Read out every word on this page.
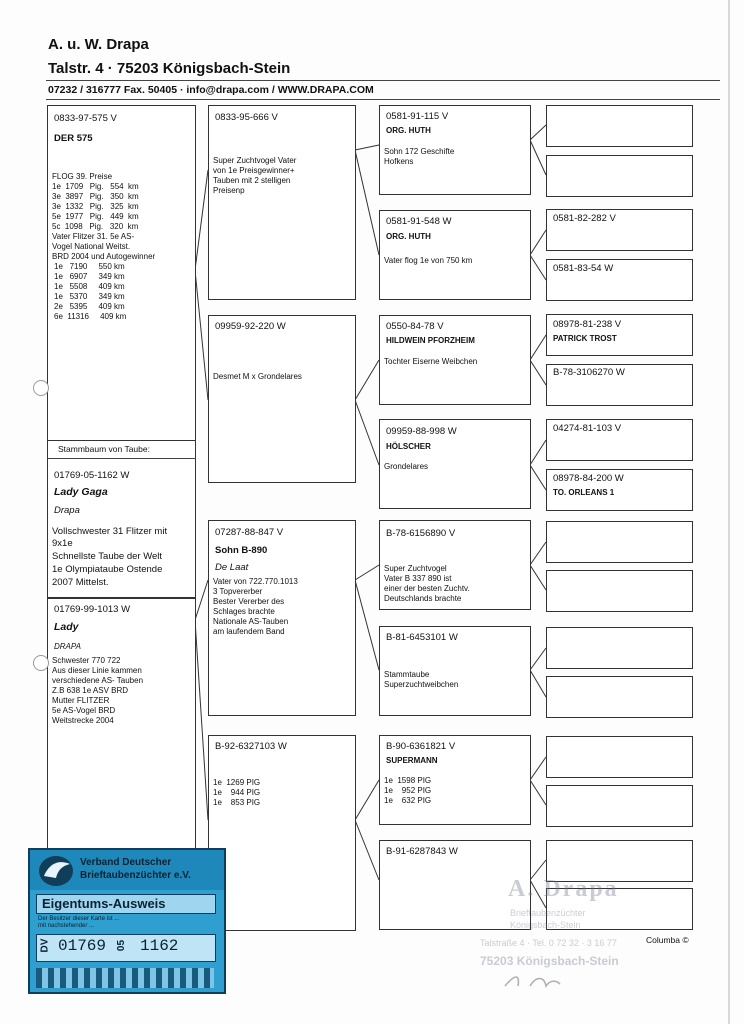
A. u. W. Drapa
Talstr. 4 · 75203 Königsbach-Stein
07232 / 316777 Fax. 50405 · info@drapa.com / WWW.DRAPA.COM
0833-97-575 V
DER 575
FLOG 39. Preise
1e  1709   Pig.   554  km
3e  3897   Pig.   350  km
3e  1332   Pig.   325  km
5e  1977   Pig.   449  km
5c  1098   Pig.   320  km
Vater Flitzer 31. 5e AS-
Vogel National Weitst.
BRD 2004 und Autogewinner
1e   7190     550 km
1e   6907     349 km
1e   5508     409 km
1e   5370     349 km
2e   5395     409 km
6e  11316     409 km
Stammbaum von Taube:
01769-05-1162 W
Lady Gaga
Drapa
Vollschwester 31 Flitzer mit
9x1e
Schnellste Taube der Welt
1e Olympiataube Ostende
2007 Mittelst.
01769-99-1013 W
Lady
DRAPA
Schwester 770 722
Aus dieser Linie kammen
verschiedene AS- Tauben
Z.B 638 1e ASV BRD
Mutter FLITZER
5e AS-Vogel BRD
Weitstrecke 2004
0833-95-666 V
Super Zuchtvogel Vater
von 1e Preisgewinner+
Tauben mit 2 stelligen
Preisenp
09959-92-220 W
Desmet M x Grondelares
07287-88-847 V
Sohn B-890
De Laat
Vater von 722.770.1013
3 Topvererber
Bester Vererber des
Schlages brachte
Nationale AS-Tauben
am laufendem Band
B-92-6327103 W
1e  1269 PIG
1e    944 PIG
1e    853 PIG
0581-91-115 V
ORG. HUTH
Sohn 172 Geschifte
Hofkens
0581-91-548 W
ORG. HUTH
Vater flog 1e von 750 km
0550-84-78 V
HILDWEIN PFORZHEIM
Tochter Eiserne Weibchen
09959-88-998 W
HÖLSCHER
Grondelares
B-78-6156890 V
Super Zuchtvogel
Vater B 337 890 ist
einer der besten Zuchtv.
Deutschlands brachte
B-81-6453101 W
Stammtaube
Superzuchtweibchen
B-90-6361821 V
SUPERMANN
1e  1598 PIG
1e    952 PIG
1e    632 PIG
B-91-6287843 W
0581-82-282 V
0581-83-54 W
08978-81-238 V
PATRICK TROST
B-78-3106270 W
04274-81-103 V
08978-84-200 W
TO. ORLEANS 1
Columba ©
A. Drapa
Brieftaubenzüchter
Königsbach-Stein
Talstraße 4 · Tel. 0 72 32 · 3 16 77
75203 Königsbach-Stein
Verband Deutscher
Brieftaubenzüchter e.V.
Eigentums-Ausweis
Der Besitzer dieser Karte ist ...
mit nachstehender ...
DV 01769 05 1162
